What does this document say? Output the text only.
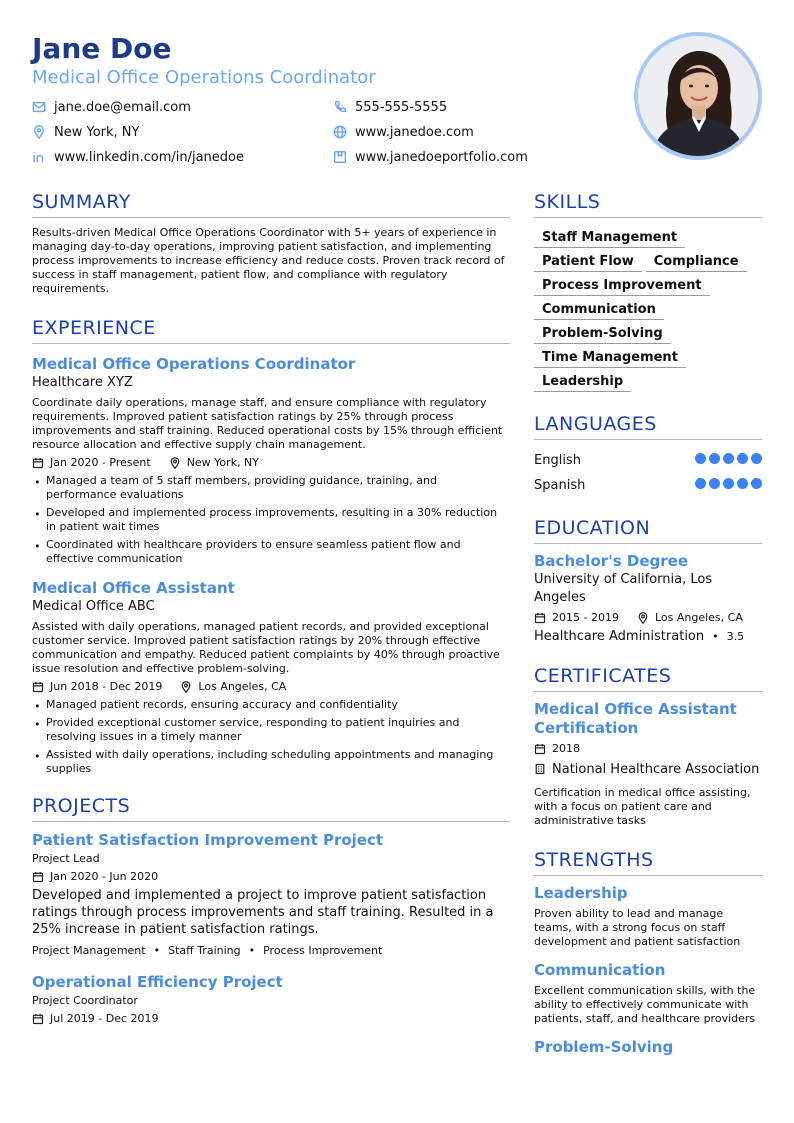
Jane Doe
Medical Office Operations Coordinator
jane.doe@email.com	555-555-5555
New York, NY	www.janedoe.com
www.linkedin.com/in/janedoe	www.janedoeportfolio.com
SUMMARY

Results-driven Medical Office Operations Coordinator with 5+ years of experience in managing day-to-day operations, improving patient satisfaction, and implementing process improvements to increase efficiency and reduce costs. Proven track record of success in staff management, patient flow, and compliance with regulatory requirements.

EXPERIENCE
Medical Office Operations Coordinator
Healthcare XYZ

Coordinate daily operations, manage staff, and ensure compliance with regulatory requirements. Improved patient satisfaction ratings by 25% through process improvements and staff training. Reduced operational costs by 15% through efficient resource allocation and effective supply chain management.

Jan 2020 - Present	New York, NY
• Managed a team of 5 staff members, providing guidance, training, and performance evaluations
• Developed and implemented process improvements, resulting in a 30% reduction in patient wait times
• Coordinated with healthcare providers to ensure seamless patient flow and effective communication
Medical Office Assistant
Medical Office ABC

Assisted with daily operations, managed patient records, and provided exceptional customer service. Improved patient satisfaction ratings by 20% through effective communication and empathy. Reduced patient complaints by 40% through proactive issue resolution and effective problem-solving.

Jun 2018 - Dec 2019	Los Angeles, CA
• Managed patient records, ensuring accuracy and confidentiality
• Provided exceptional customer service, responding to patient inquiries and resolving issues in a timely manner
• Assisted with daily operations, including scheduling appointments and managing supplies
PROJECTS
Patient Satisfaction Improvement Project
Project Lead
Jan 2020 - Jun 2020

Developed and implemented a project to improve patient satisfaction ratings through process improvements and staff training. Resulted in a 25% increase in patient satisfaction ratings.

Project Management • Staff Training • Process Improvement
Operational Efficiency Project
Project Coordinator
Jul 2019 - Dec 2019
SKILLS
Staff Management
Patient Flow Compliance
Process Improvement
Communication
Problem-Solving
Time Management
Leadership
LANGUAGES
English
Spanish
EDUCATION
Bachelor's Degree
University of California, Los Angeles
2015 - 2019	Los Angeles, CA
Healthcare Administration • 3.5
CERTIFICATES
Medical Office Assistant Certification
2018
National Healthcare Association

Certification in medical office assisting, with a focus on patient care and administrative tasks

STRENGTHS
Leadership

Proven ability to lead and manage teams, with a strong focus on staff development and patient satisfaction

Communication

Excellent communication skills, with the ability to effectively communicate with patients, staff, and healthcare providers

Problem-Solving
